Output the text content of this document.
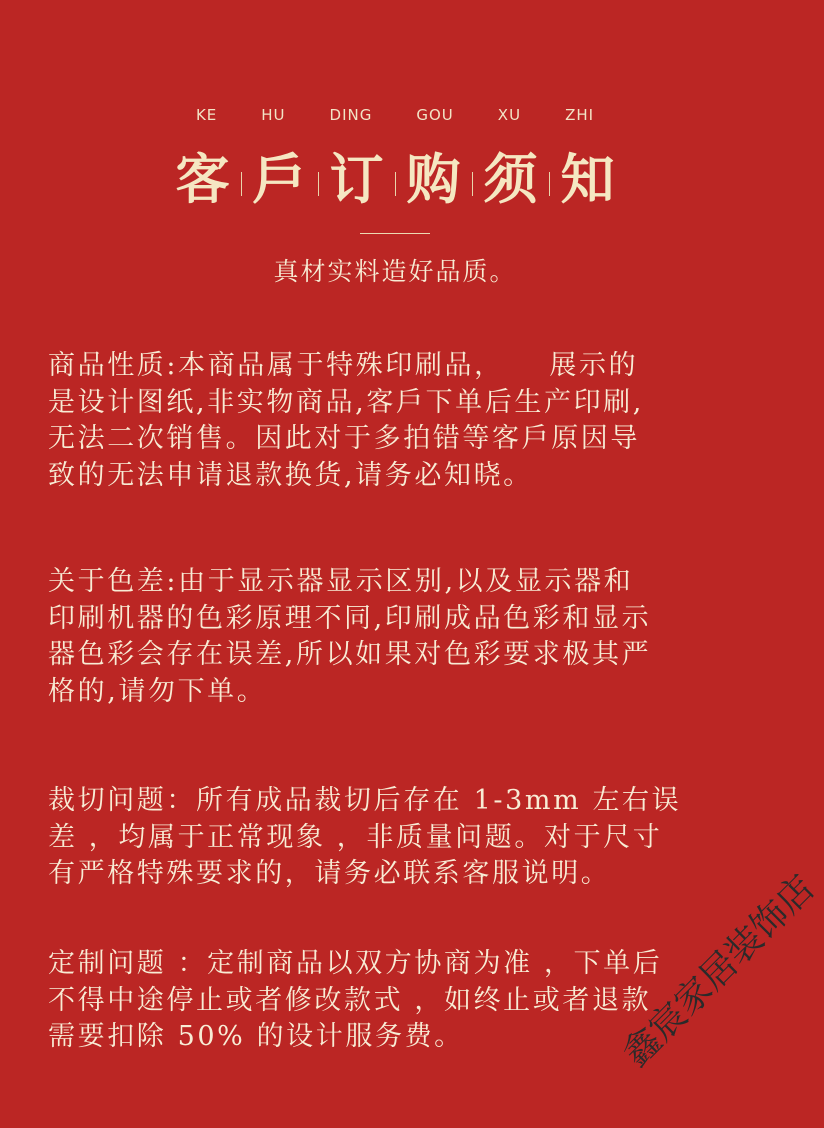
KE	HU	DING	GOU	XU	ZHI
客 戶 订 购 须 知
真材实料造好品质。
商品性质:本商品属于特殊印刷品，　　展示的
是设计图纸,非实物商品,客戶下单后生产印刷,
无法二次销售。因此对于多拍错等客戶原因导
致的无法申请退款换货,请务必知晓。
关于色差:由于显示器显示区别,以及显示器和
印刷机器的色彩原理不同,印刷成品色彩和显示
器色彩会存在误差,所以如果对色彩要求极其严
格的,请勿下单。
裁切问题：所有成品裁切后存在 1-3mm 左右误
差 ，均属于正常现象 ，非质量问题。对于尺寸
有严格特殊要求的，请务必联系客服说明。
定制问题 ：定制商品以双方协商为准 ，下单后
不得中途停止或者修改款式 ，如终止或者退款
需要扣除 50% 的设计服务费。	鑫宸家居装饰店
